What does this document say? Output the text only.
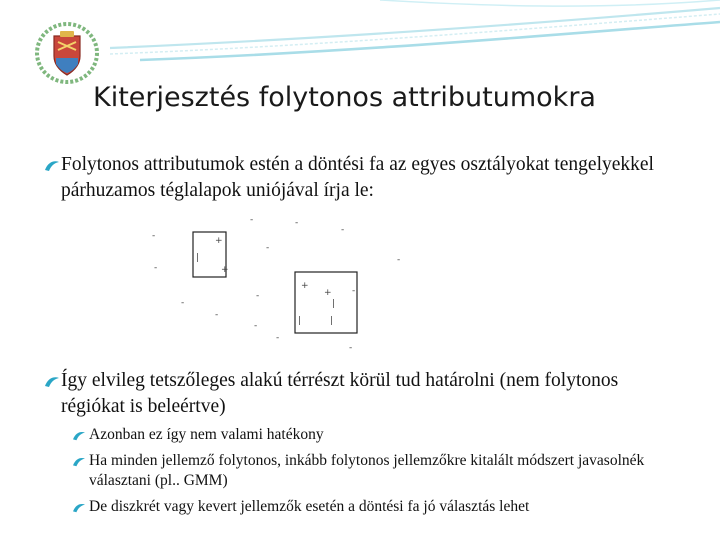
Kiterjesztés folytonos attributumokra
Folytonos attributumok estén a döntési fa az egyes osztályokat tengelyekkel párhuzamos téglalapok uniójával írja le:
+
+
|
+
+ -
|
|	|
-
-
-
-
-
-
-
-
-
-
-
-
-
Így elvileg tetszőleges alakú térrészt körül tud határolni (nem folytonos régiókat is beleértve)
Azonban ez így nem valami hatékony
Ha minden jellemző folytonos, inkább folytonos jellemzőkre kitalált módszert javasolnék választani (pl.. GMM)
De diszkrét vagy kevert jellemzők esetén a döntési fa jó választás lehet
